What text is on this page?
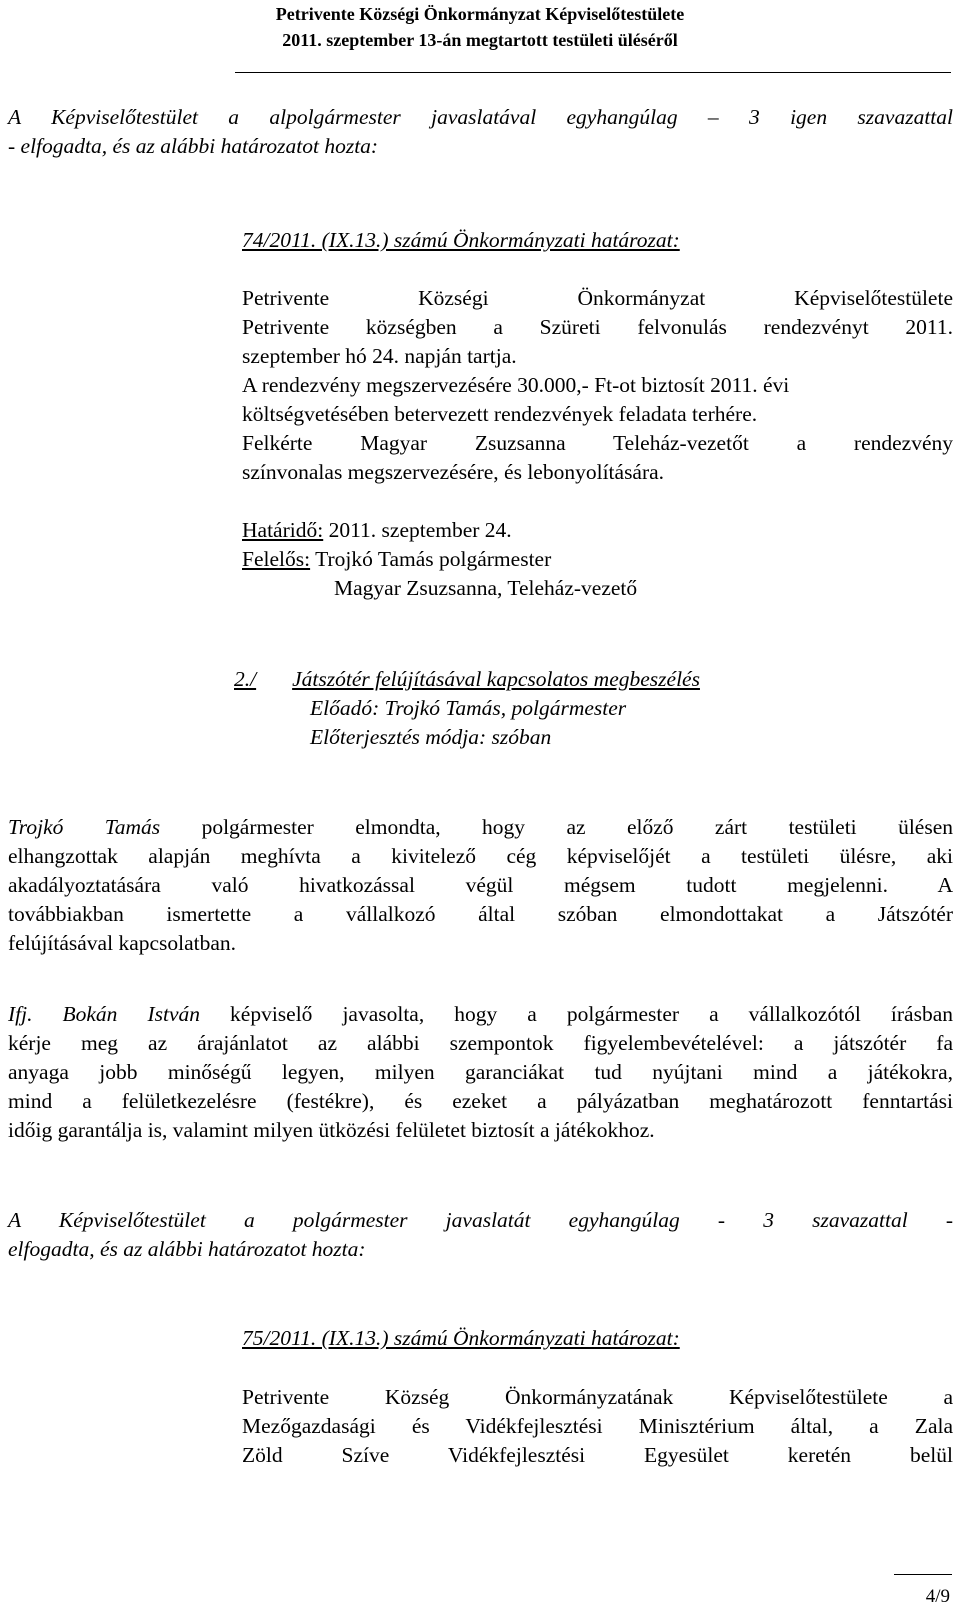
Petrivente Községi Önkormányzat Képviselőtestülete
2011. szeptember 13-án megtartott testületi üléséről
A Képviselőtestület a alpolgármester javaslatával egyhangúlag – 3 igen szavazattal
- elfogadta, és az alábbi határozatot hozta:
74/2011. (IX.13.) számú Önkormányzati határozat:
Petrivente Községi Önkormányzat Képviselőtestülete
Petrivente községben a Szüreti felvonulás rendezvényt 2011.
szeptember hó 24. napján tartja.
A rendezvény megszervezésére 30.000,- Ft-ot biztosít 2011. évi
költségvetésében betervezett rendezvények feladata terhére.
Felkérte Magyar Zsuzsanna Teleház-vezetőt a rendezvény
színvonalas megszervezésére, és lebonyolítására.
Határidő: 2011. szeptember 24.
Felelős: Trojkó Tamás polgármester
Magyar Zsuzsanna, Teleház-vezető
2./ Játszótér felújításával kapcsolatos megbeszélés
Előadó: Trojkó Tamás, polgármester
Előterjesztés módja: szóban
Trojkó Tamás polgármester elmondta, hogy az előző zárt testületi ülésen
elhangzottak alapján meghívta a kivitelező cég képviselőjét a testületi ülésre, aki
akadályoztatására való hivatkozással végül mégsem tudott megjelenni. A
továbbiakban ismertette a vállalkozó által szóban elmondottakat a Játszótér
felújításával kapcsolatban.
Ifj. Bokán István képviselő javasolta, hogy a polgármester a vállalkozótól írásban
kérje meg az árajánlatot az alábbi szempontok figyelembevételével: a játszótér fa
anyaga jobb minőségű legyen, milyen garanciákat tud nyújtani mind a játékokra,
mind a felületkezelésre (festékre), és ezeket a pályázatban meghatározott fenntartási
időig garantálja is, valamint milyen ütközési felületet biztosít a játékokhoz.
A Képviselőtestület a polgármester javaslatát egyhangúlag - 3 szavazattal -
elfogadta, és az alábbi határozatot hozta:
75/2011. (IX.13.) számú Önkormányzati határozat:
Petrivente Község Önkormányzatának Képviselőtestülete a
Mezőgazdasági és Vidékfejlesztési Minisztérium által, a Zala
Zöld Szíve Vidékfejlesztési Egyesület keretén belül
4/9
